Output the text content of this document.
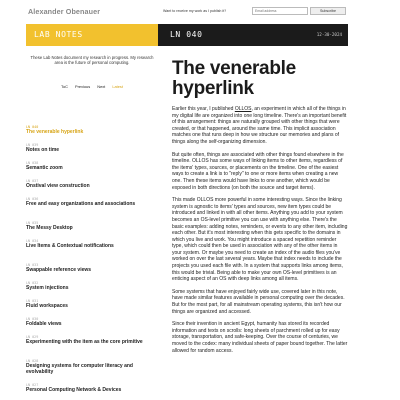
Alexander Obenauer	Want to receive my work as I publish it?
Email address	Subscribe
LAB NOTES	LN 040	12-30-2024
These Lab Notes document my research in progress. My research area is the future of personal computing.
ToC Previous Next Latest
LN 040
The venerable hyperlink
LN 039
Notes on time
LN 038
Semantic zoom
LN 037
Onstival view construction
LN 036
Free and easy organizations and associations
LN 035
The Messy Desktop
LN 034
Live Items & Contextual notifications
LN 033
Swappable reference views
LN 032
System injections
LN 031
Fluid workspaces
LN 030
Foldable views
LN 029
Experimenting with the item as the core primitive
LN 028
Designing systems for computer literacy and evolvability
LN 027
Personal Computing Network & Devices
The venerable hyperlink

Earlier this year, I published OLLOS, an experiment in which all of the things in my digital life are organized into one long timeline. There's an important benefit of this arrangement: things are naturally grouped with other things that were created, or that happened, around the same time. This implicit association matches one that runs deep in how we structure our memories and plans of things along the self-organizing dimension.

But quite often, things are associated with other things found elsewhere in the timeline. OLLOS has some ways of linking items to other items, regardless of the items' types, sources, or placements on the timeline. One of the easiest ways to create a link is to "reply" to one or more items when creating a new one. Then these items would have links to one another, which would be exposed in both directions (on both the source and target items).

This made OLLOS more powerful in some interesting ways. Since the linking system is agnostic to items' types and sources, new item types could be introduced and linked in with all other items. Anything you add to your system becomes an OS-level primitive you can use with anything else. There's the basic examples: adding notes, reminders, or events to any other item, including each other. But it's most interesting when this gets specific to the domains in which you live and work. You might introduce a spaced repetition reminder type, which could then be used in association with any of the other items in your system. Or maybe you need to create an index of the audio files you've worked on over the last several years. Maybe that index needs to include the projects you used each file with. In a system that supports links among items, this would be trivial. Being able to make your own OS-level primitives is an enticing aspect of an OS with deep links among all items.

Some systems that have enjoyed fairly wide use, covered later in this note, have made similar features available in personal computing over the decades. But for the most part, for all mainstream operating systems, this isn't how our things are organized and accessed.

Since their invention in ancient Egypt, humanity has stored its recorded information and texts on scrolls: long sheets of parchment rolled up for easy storage, transportation, and safe-keeping. Over the course of centuries, we moved to the codex: many individual sheets of paper bound together. The latter allowed for random access.
